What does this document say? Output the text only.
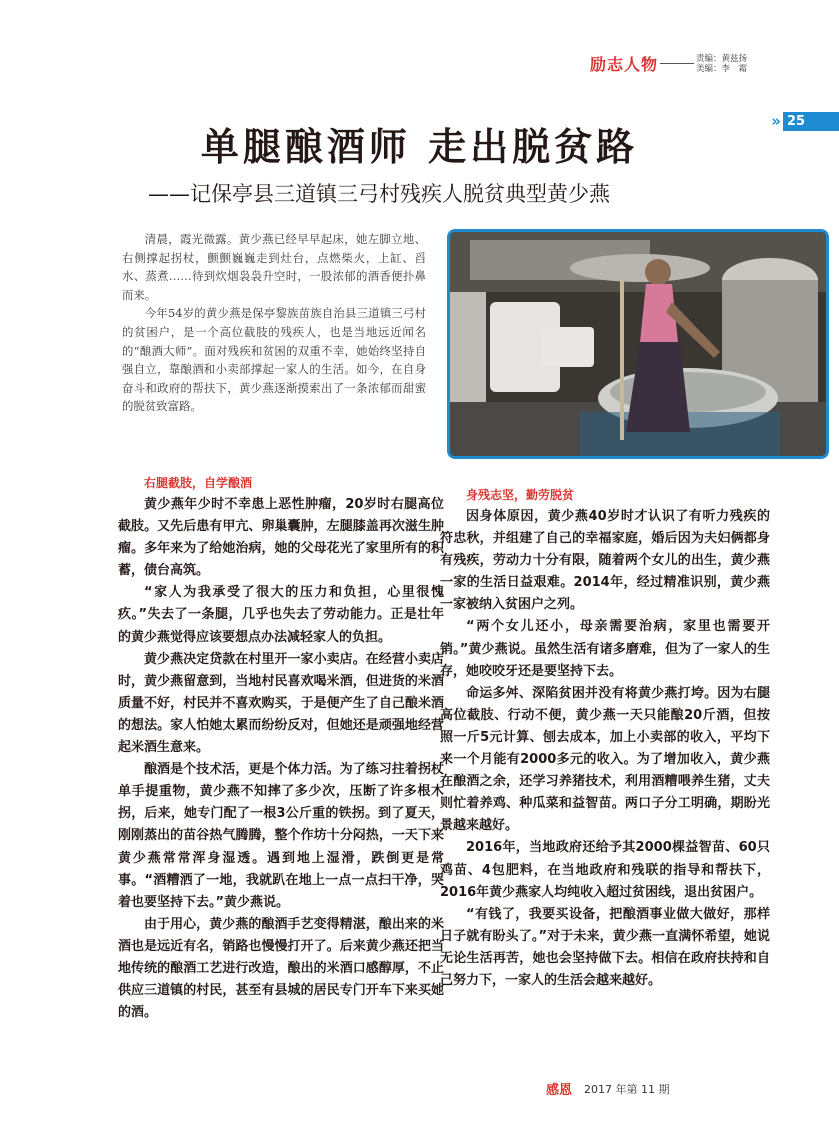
励志人物	责编：黄兹扬
美编：李　霜
» 25
单腿酿酒师 走出脱贫路
——记保亭县三道镇三弓村残疾人脱贫典型黄少燕

清晨，霞光微露。黄少燕已经早早起床，她左脚立地、右侧撑起拐杖，颤颤巍巍走到灶台，点燃柴火，上缸、舀水、蒸煮……待到炊烟袅袅升空时，一股浓郁的酒香便扑鼻而来。

今年54岁的黄少燕是保亭黎族苗族自治县三道镇三弓村的贫困户，是一个高位截肢的残疾人，也是当地远近闻名的“酿酒大师”。面对残疾和贫困的双重不幸，她始终坚持自强自立，靠酿酒和小卖部撑起一家人的生活。如今，在自身奋斗和政府的帮扶下，黄少燕逐渐摸索出了一条浓郁而甜蜜的脱贫致富路。

右腿截肢，自学酿酒

黄少燕年少时不幸患上恶性肿瘤，20岁时右腿高位截肢。又先后患有甲亢、卵巢囊肿，左腿膝盖再次滋生肿瘤。多年来为了给她治病，她的父母花光了家里所有的积蓄，债台高筑。

“家人为我承受了很大的压力和负担，心里很愧疚。”失去了一条腿，几乎也失去了劳动能力。正是壮年的黄少燕觉得应该要想点办法减轻家人的负担。

黄少燕决定贷款在村里开一家小卖店。在经营小卖店时，黄少燕留意到，当地村民喜欢喝米酒，但进货的米酒质量不好，村民并不喜欢购买，于是便产生了自己酿米酒的想法。家人怕她太累而纷纷反对，但她还是顽强地经营起米酒生意来。

酿酒是个技术活，更是个体力活。为了练习拄着拐杖单手提重物，黄少燕不知摔了多少次，压断了许多根木拐，后来，她专门配了一根3公斤重的铁拐。到了夏天，刚刚蒸出的苗谷热气腾腾，整个作坊十分闷热，一天下来黄少燕常常浑身湿透。遇到地上湿滑，跌倒更是常事。“酒糟洒了一地，我就趴在地上一点一点扫干净，哭着也要坚持下去。”黄少燕说。

由于用心，黄少燕的酿酒手艺变得精湛，酿出来的米酒也是远近有名，销路也慢慢打开了。后来黄少燕还把当地传统的酿酒工艺进行改造，酿出的米酒口感醇厚，不止供应三道镇的村民，甚至有县城的居民专门开车下来买她的酒。

身残志坚，勤劳脱贫

因身体原因，黄少燕40岁时才认识了有听力残疾的符忠秋，并组建了自己的幸福家庭，婚后因为夫妇俩都身有残疾，劳动力十分有限，随着两个女儿的出生，黄少燕一家的生活日益艰难。2014年，经过精准识别，黄少燕一家被纳入贫困户之列。

“两个女儿还小，母亲需要治病，家里也需要开销。”黄少燕说。虽然生活有诸多磨难，但为了一家人的生存，她咬咬牙还是要坚持下去。

命运多舛、深陷贫困并没有将黄少燕打垮。因为右腿高位截肢、行动不便，黄少燕一天只能酿20斤酒，但按照一斤5元计算、刨去成本，加上小卖部的收入，平均下来一个月能有2000多元的收入。为了增加收入，黄少燕在酿酒之余，还学习养猪技术，利用酒糟喂养生猪，丈夫则忙着养鸡、种瓜菜和益智苗。两口子分工明确，期盼光景越来越好。

2016年，当地政府还给予其2000棵益智苗、60只鸡苗、4包肥料，在当地政府和残联的指导和帮扶下，2016年黄少燕家人均纯收入超过贫困线，退出贫困户。

“有钱了，我要买设备，把酿酒事业做大做好，那样日子就有盼头了。”对于未来，黄少燕一直满怀希望，她说无论生活再苦，她也会坚持做下去。相信在政府扶持和自己努力下，一家人的生活会越来越好。

感恩 2017 年第 11 期
